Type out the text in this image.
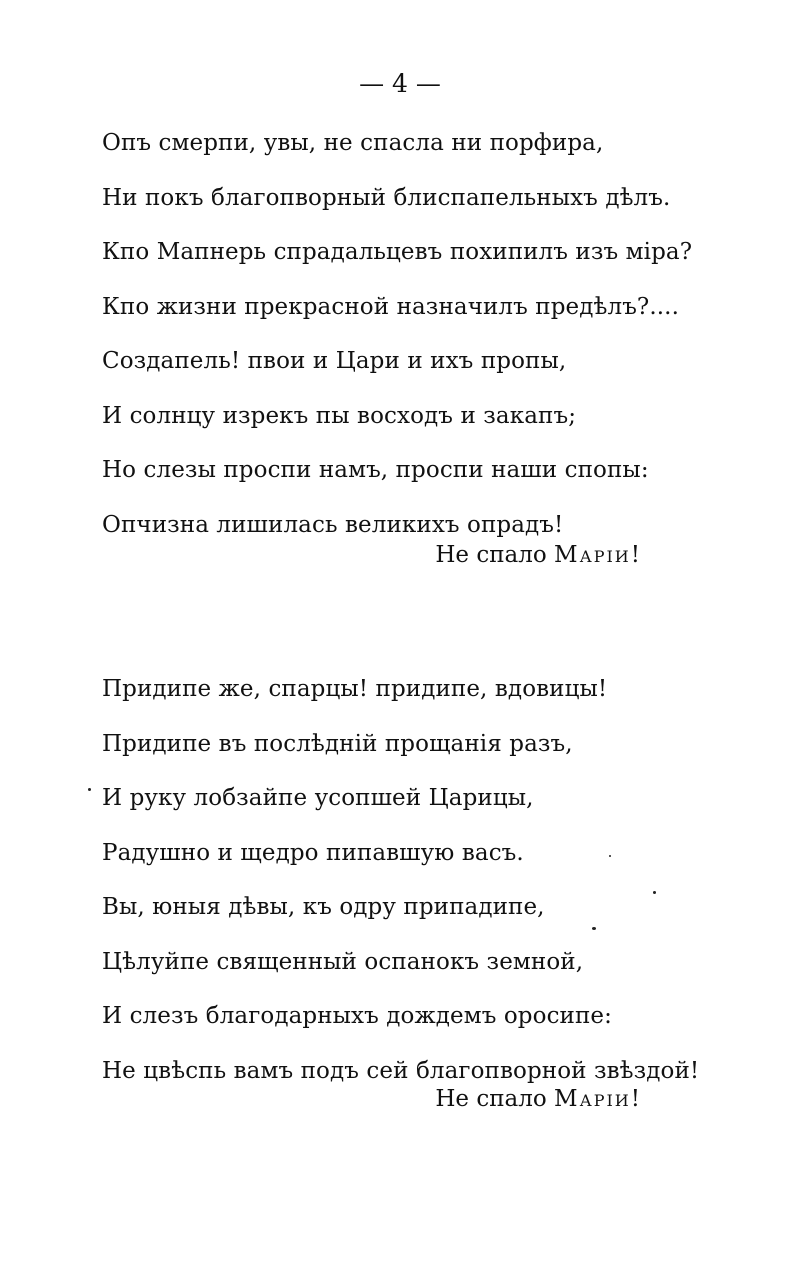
— 4 —
Опъ смерпи, увы, не спасла ни порфира,
Ни покъ благопворный блиспапельныхъ дѣлъ.
Кпо Мапнерь спрадальцевъ похипилъ изъ міра?
Кпо жизни прекрасной назначилъ предѣлъ?....
Создапель! пвои и Цари и ихъ пропы,
И солнцу изрекъ пы восходъ и закапъ;
Но слезы проспи намъ, проспи наши спопы:
Опчизна лишилась великихъ опрадъ!
Не спало Маріи!
Придипе же, спарцы! придипе, вдовицы!
Придипе въ послѣдній прощанія разъ,
И руку лобзайпе усопшей Царицы,
Радушно и щедро пипавшую васъ.
Вы, юныя дѣвы, къ одру припадипе,
Цѣлуйпе священный оспанокъ земной,
И слезъ благодарныхъ дождемъ оросипе:
Не цвѣспь вамъ подъ сей благопворной звѣздой!
Не спало Маріи!
